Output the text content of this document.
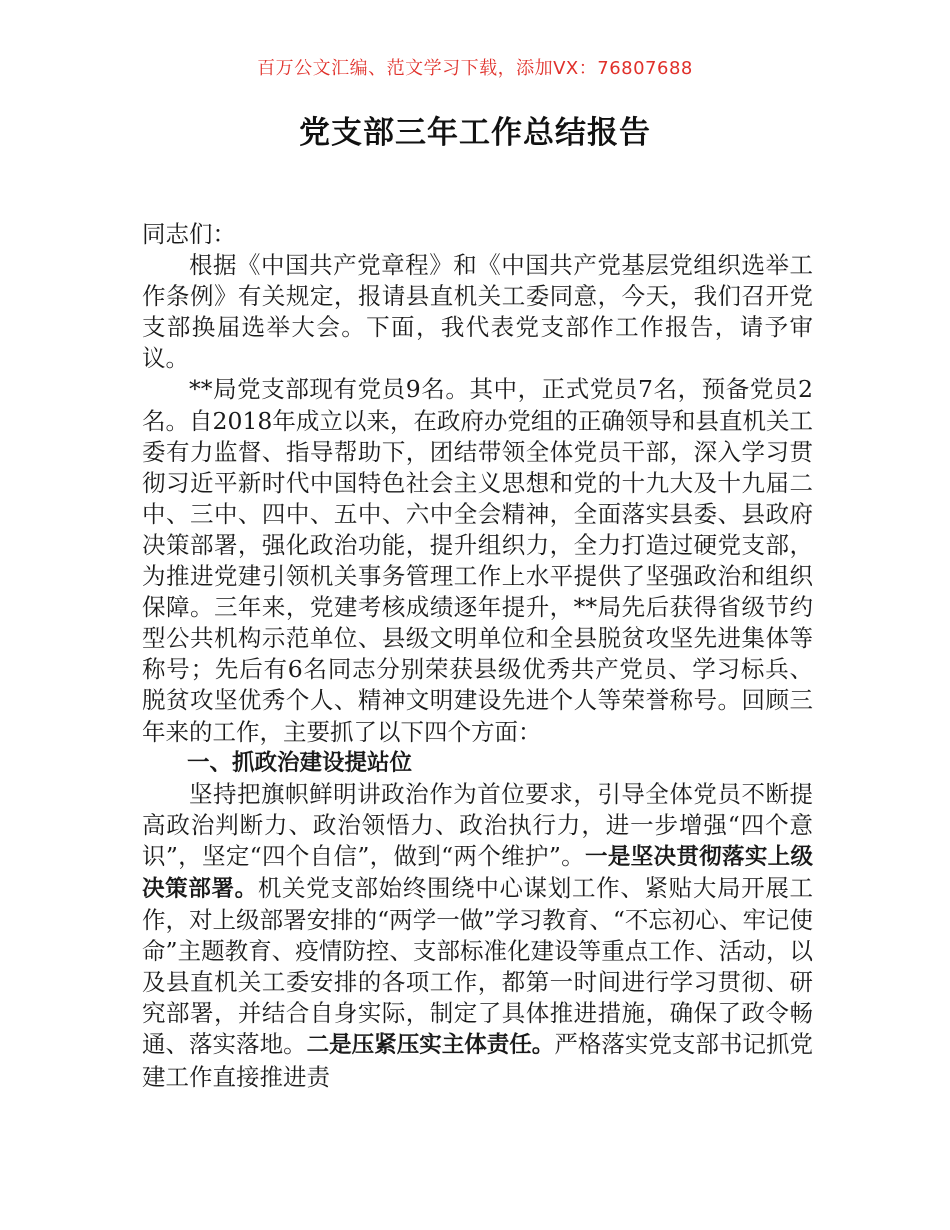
百万公文汇编、范文学习下载，添加VX：76807688
党支部三年工作总结报告

同志们：

根据《中国共产党章程》和《中国共产党基层党组织选举工作条例》有关规定，报请县直机关工委同意，今天，我们召开党支部换届选举大会。下面，我代表党支部作工作报告，请予审议。

**局党支部现有党员9名。其中，正式党员7名，预备党员2名。自2018年成立以来，在政府办党组的正确领导和县直机关工委有力监督、指导帮助下，团结带领全体党员干部，深入学习贯彻习近平新时代中国特色社会主义思想和党的十九大及十九届二中、三中、四中、五中、六中全会精神，全面落实县委、县政府决策部署，强化政治功能，提升组织力，全力打造过硬党支部，为推进党建引领机关事务管理工作上水平提供了坚强政治和组织保障。三年来，党建考核成绩逐年提升，**局先后获得省级节约型公共机构示范单位、县级文明单位和全县脱贫攻坚先进集体等称号；先后有6名同志分别荣获县级优秀共产党员、学习标兵、脱贫攻坚优秀个人、精神文明建设先进个人等荣誉称号。回顾三年来的工作，主要抓了以下四个方面：

一、抓政治建设提站位

坚持把旗帜鲜明讲政治作为首位要求，引导全体党员不断提高政治判断力、政治领悟力、政治执行力，进一步增强“四个意识”，坚定“四个自信”，做到“两个维护”。一是坚决贯彻落实上级决策部署。机关党支部始终围绕中心谋划工作、紧贴大局开展工作，对上级部署安排的“两学一做”学习教育、“不忘初心、牢记使命”主题教育、疫情防控、支部标准化建设等重点工作、活动，以及县直机关工委安排的各项工作，都第一时间进行学习贯彻、研究部署，并结合自身实际，制定了具体推进措施，确保了政令畅通、落实落地。二是压紧压实主体责任。严格落实党支部书记抓党建工作直接推进责
